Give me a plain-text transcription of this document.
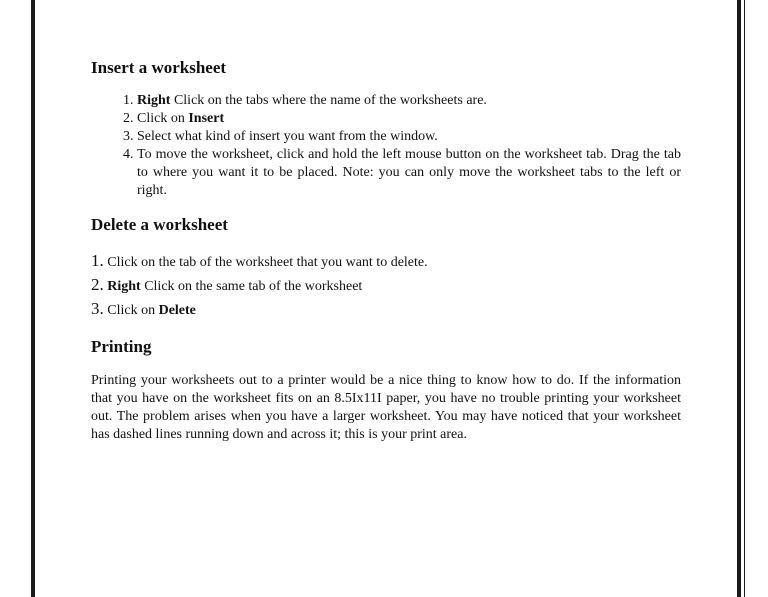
Insert a worksheet
1. Right Click on the tabs where the name of the worksheets are.
2. Click on Insert
3. Select what kind of insert you want from the window.
4. To move the worksheet, click and hold the left mouse button on the worksheet tab. Drag the tab to where you want it to be placed. Note: you can only move the worksheet tabs to the left or right.
Delete a worksheet
1. Click on the tab of the worksheet that you want to delete.
2. Right Click on the same tab of the worksheet
3. Click on Delete
Printing

Printing your worksheets out to a printer would be a nice thing to know how to do. If the information that you have on the worksheet fits on an 8.5Ix11I paper, you have no trouble printing your worksheet out. The problem arises when you have a larger worksheet. You may have noticed that your worksheet has dashed lines running down and across it; this is your print area.
